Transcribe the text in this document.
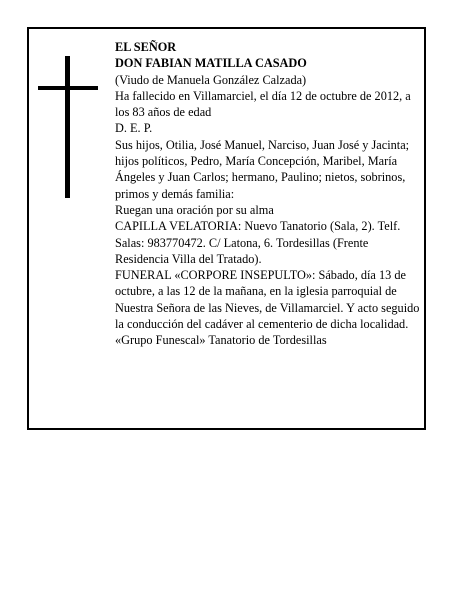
EL SEÑOR
DON FABIAN MATILLA CASADO
(Viudo de Manuela González Calzada)
Ha fallecido en Villamarciel, el día 12 de octubre de 2012, a los 83 años de edad
D. E. P.
Sus hijos, Otilia, José Manuel, Narciso, Juan José y Jacinta; hijos políticos, Pedro, María Concepción, Maribel, María Ángeles y Juan Carlos; hermano, Paulino; nietos, sobrinos, primos y demás familia:
Ruegan una oración por su alma
CAPILLA VELATORIA: Nuevo Tanatorio (Sala, 2). Telf. Salas: 983770472. C/ Latona, 6. Tordesillas (Frente Residencia Villa del Tratado).
FUNERAL «CORPORE INSEPULTO»: Sábado, día 13 de octubre, a las 12 de la mañana, en la iglesia parroquial de Nuestra Señora de las Nieves, de Villamarciel. Y acto seguido la conducción del cadáver al cementerio de dicha localidad.
«Grupo Funescal» Tanatorio de Tordesillas
